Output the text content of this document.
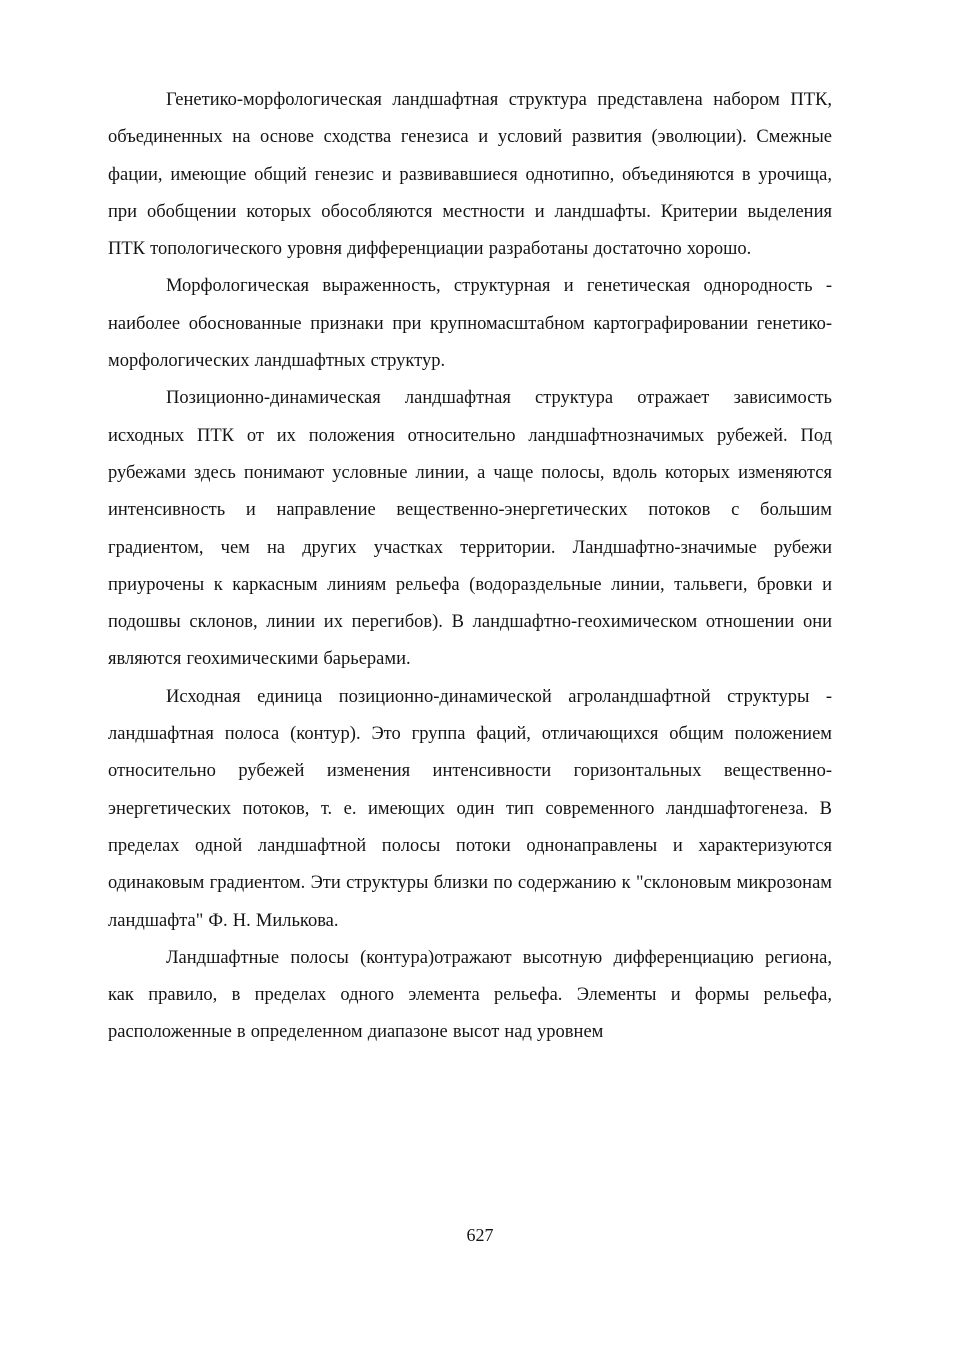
Генетико-морфологическая ландшафтная структура представлена набором ПТК, объединенных на основе сходства генезиса и условий развития (эволюции). Смежные фации, имеющие общий генезис и развивавшиеся однотипно, объединяются в урочища, при обобщении которых обособляются местности и ландшафты. Критерии выделения ПТК топологического уровня дифференциации разработаны достаточно хорошо.

Морфологическая выраженность, структурная и генетическая однородность - наиболее обоснованные признаки при крупномасштабном картографировании генетико-морфологических ландшафтных структур.

Позиционно-динамическая ландшафтная структура отражает зависимость исходных ПТК от их положения относительно ландшафтнозначимых рубежей. Под рубежами здесь понимают условные линии, а чаще полосы, вдоль которых изменяются интенсивность и направление вещественно-энергетических потоков с большим градиентом, чем на других участках территории. Ландшафтно-значимые рубежи приурочены к каркасным линиям рельефа (водораздельные линии, тальвеги, бровки и подошвы склонов, линии их перегибов). В ландшафтно-геохимическом отношении они являются геохимическими барьерами.

Исходная единица позиционно-динамической агроландшафтной структуры - ландшафтная полоса (контур). Это группа фаций, отличающихся общим положением относительно рубежей изменения интенсивности горизонтальных вещественно-энергетических потоков, т. е. имеющих один тип современного ландшафтогенеза. В пределах одной ландшафтной полосы потоки однонаправлены и характеризуются одинаковым градиентом. Эти структуры близки по содержанию к "склоновым микрозонам ландшафта" Ф. Н. Милькова.

Ландшафтные полосы (контура)отражают высотную дифференциацию региона, как правило, в пределах одного элемента рельефа. Элементы и формы рельефа, расположенные в определенном диапазоне высот над уровнем

627
